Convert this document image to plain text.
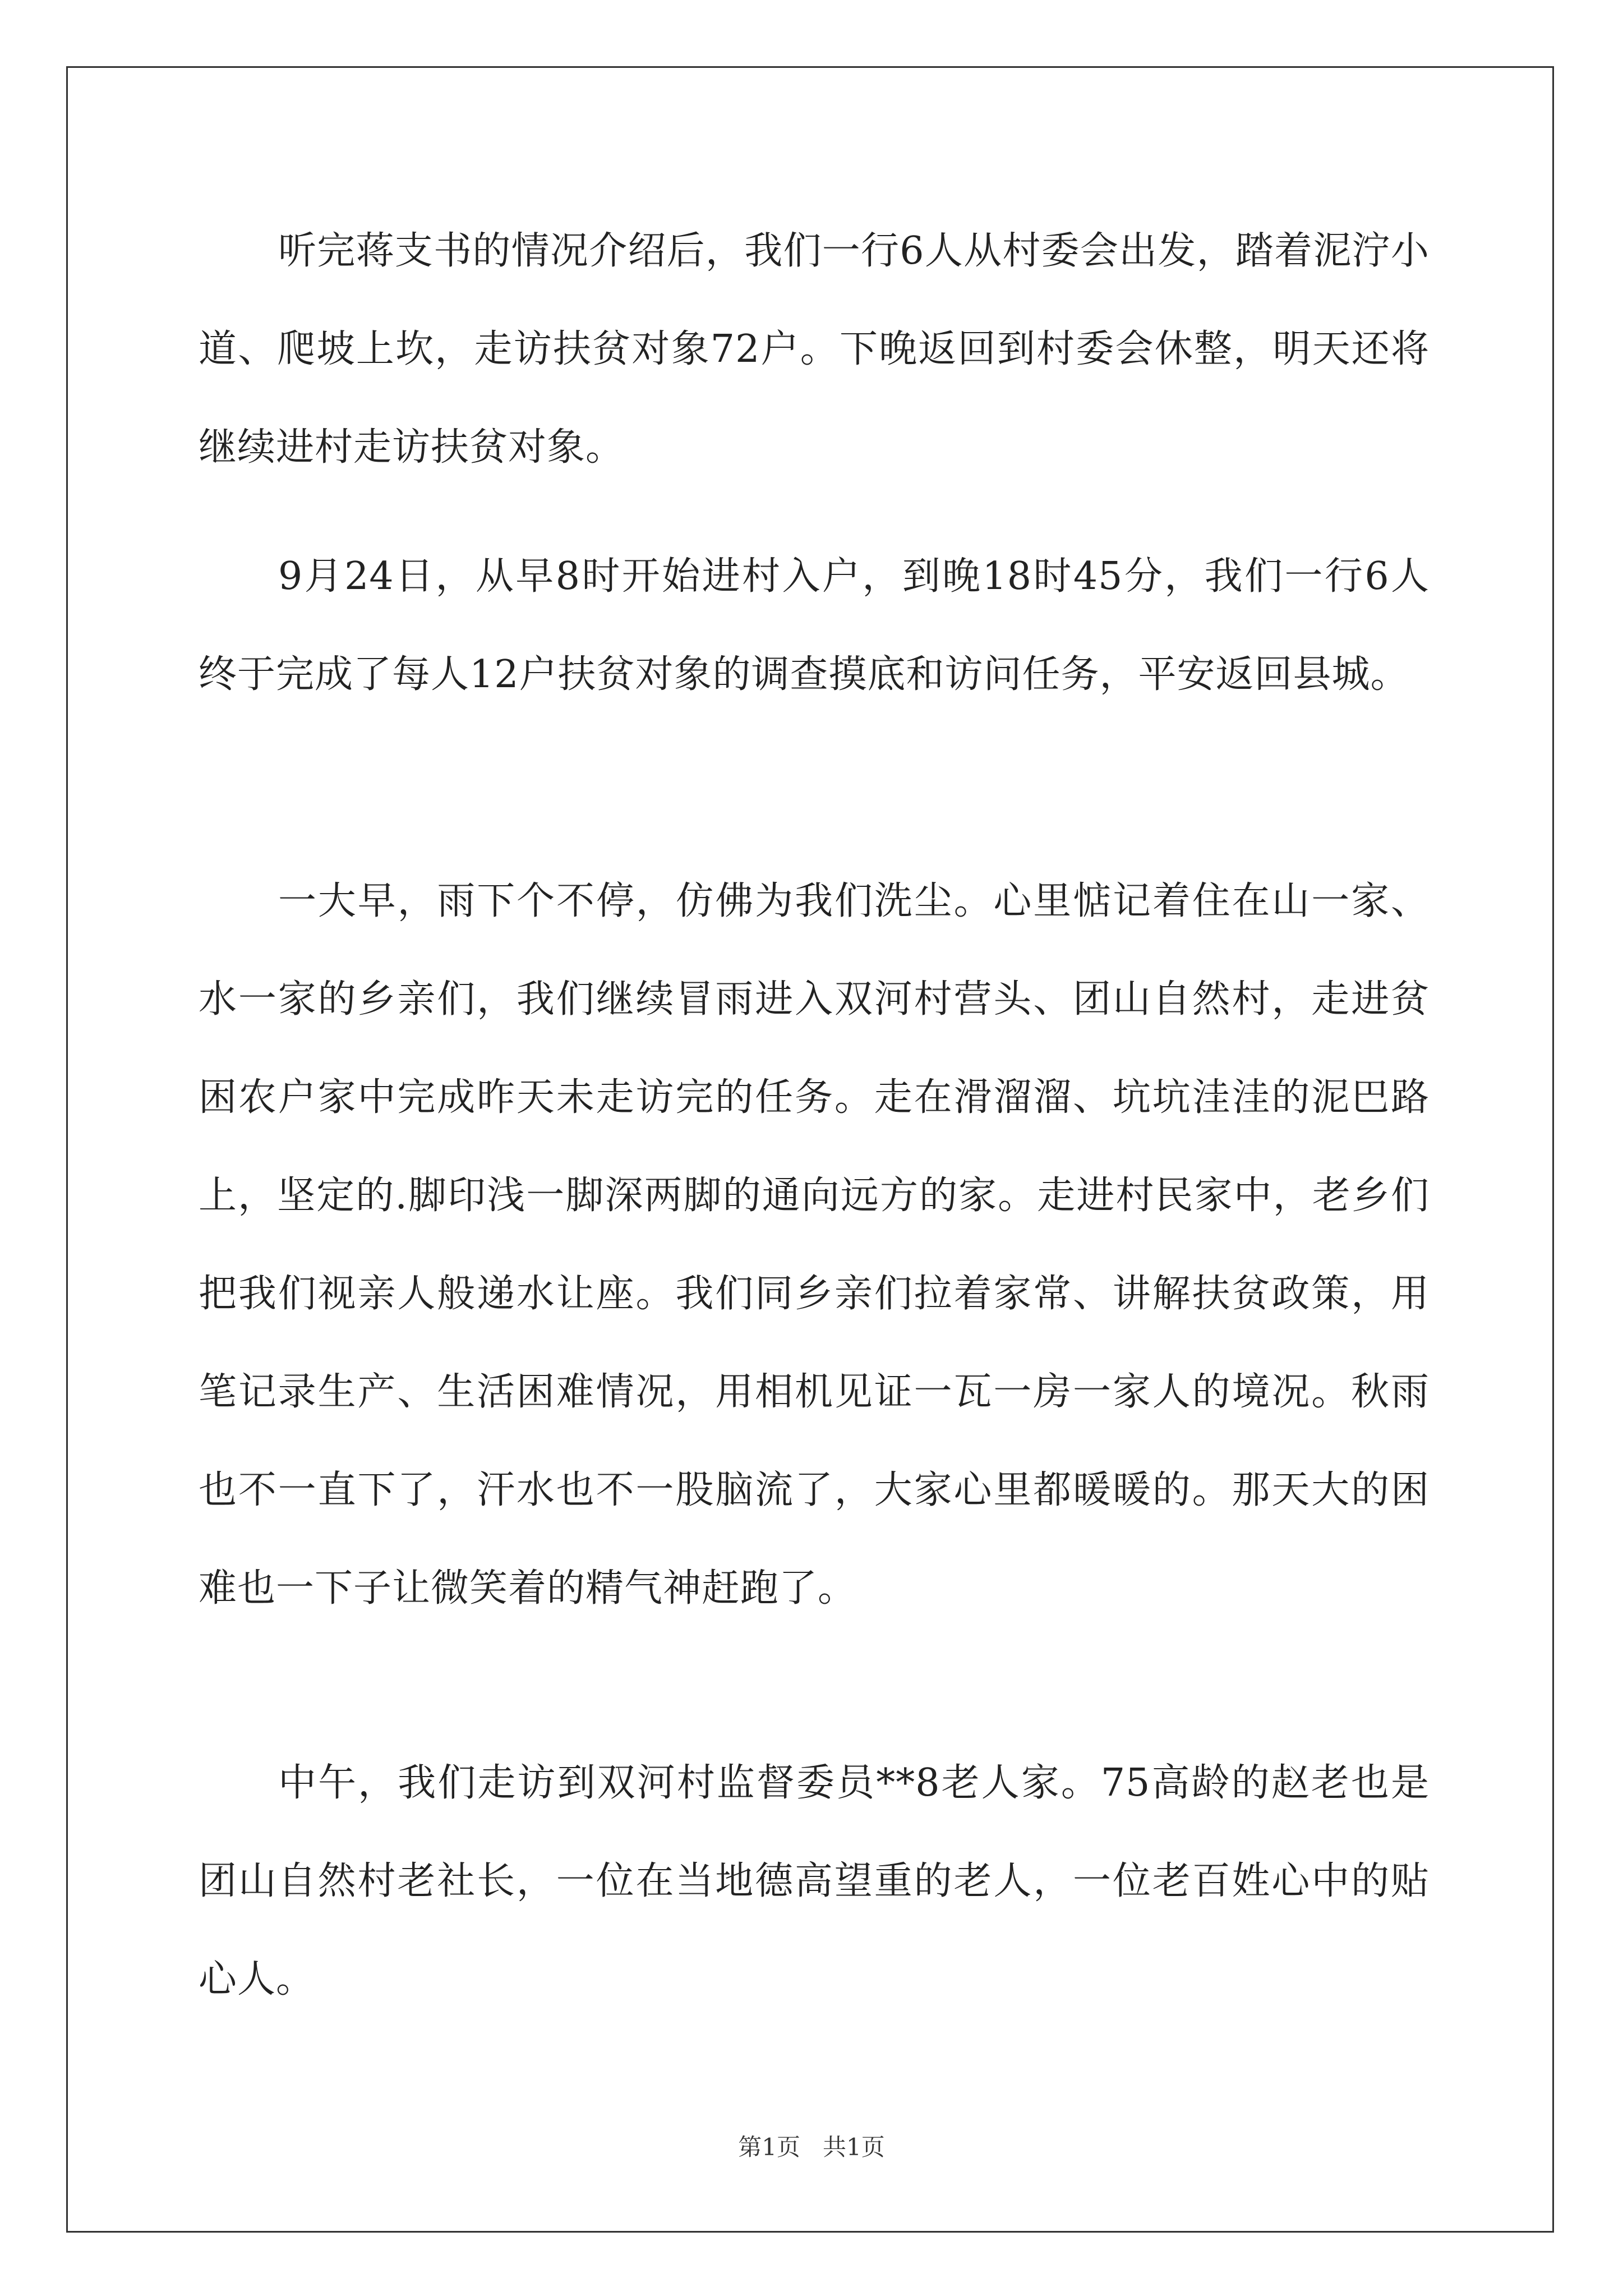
听完蒋支书的情况介绍后，我们一行6人从村委会出发，踏着泥泞小道、爬坡上坎，走访扶贫对象72户。下晚返回到村委会休整，明天还将继续进村走访扶贫对象。

9月24日，从早8时开始进村入户，到晚18时45分，我们一行6人终于完成了每人12户扶贫对象的调查摸底和访问任务，平安返回县城。

一大早，雨下个不停，仿佛为我们洗尘。心里惦记着住在山一家、水一家的乡亲们，我们继续冒雨进入双河村营头、团山自然村，走进贫困农户家中完成昨天未走访完的任务。走在滑溜溜、坑坑洼洼的泥巴路上，坚定的.脚印浅一脚深两脚的通向远方的家。走进村民家中，老乡们把我们视亲人般递水让座。我们同乡亲们拉着家常、讲解扶贫政策，用笔记录生产、生活困难情况，用相机见证一瓦一房一家人的境况。秋雨也不一直下了，汗水也不一股脑流了，大家心里都暖暖的。那天大的困难也一下子让微笑着的精气神赶跑了。

中午，我们走访到双河村监督委员**8老人家。75高龄的赵老也是团山自然村老社长，一位在当地德高望重的老人，一位老百姓心中的贴心人。

第1页 共1页
